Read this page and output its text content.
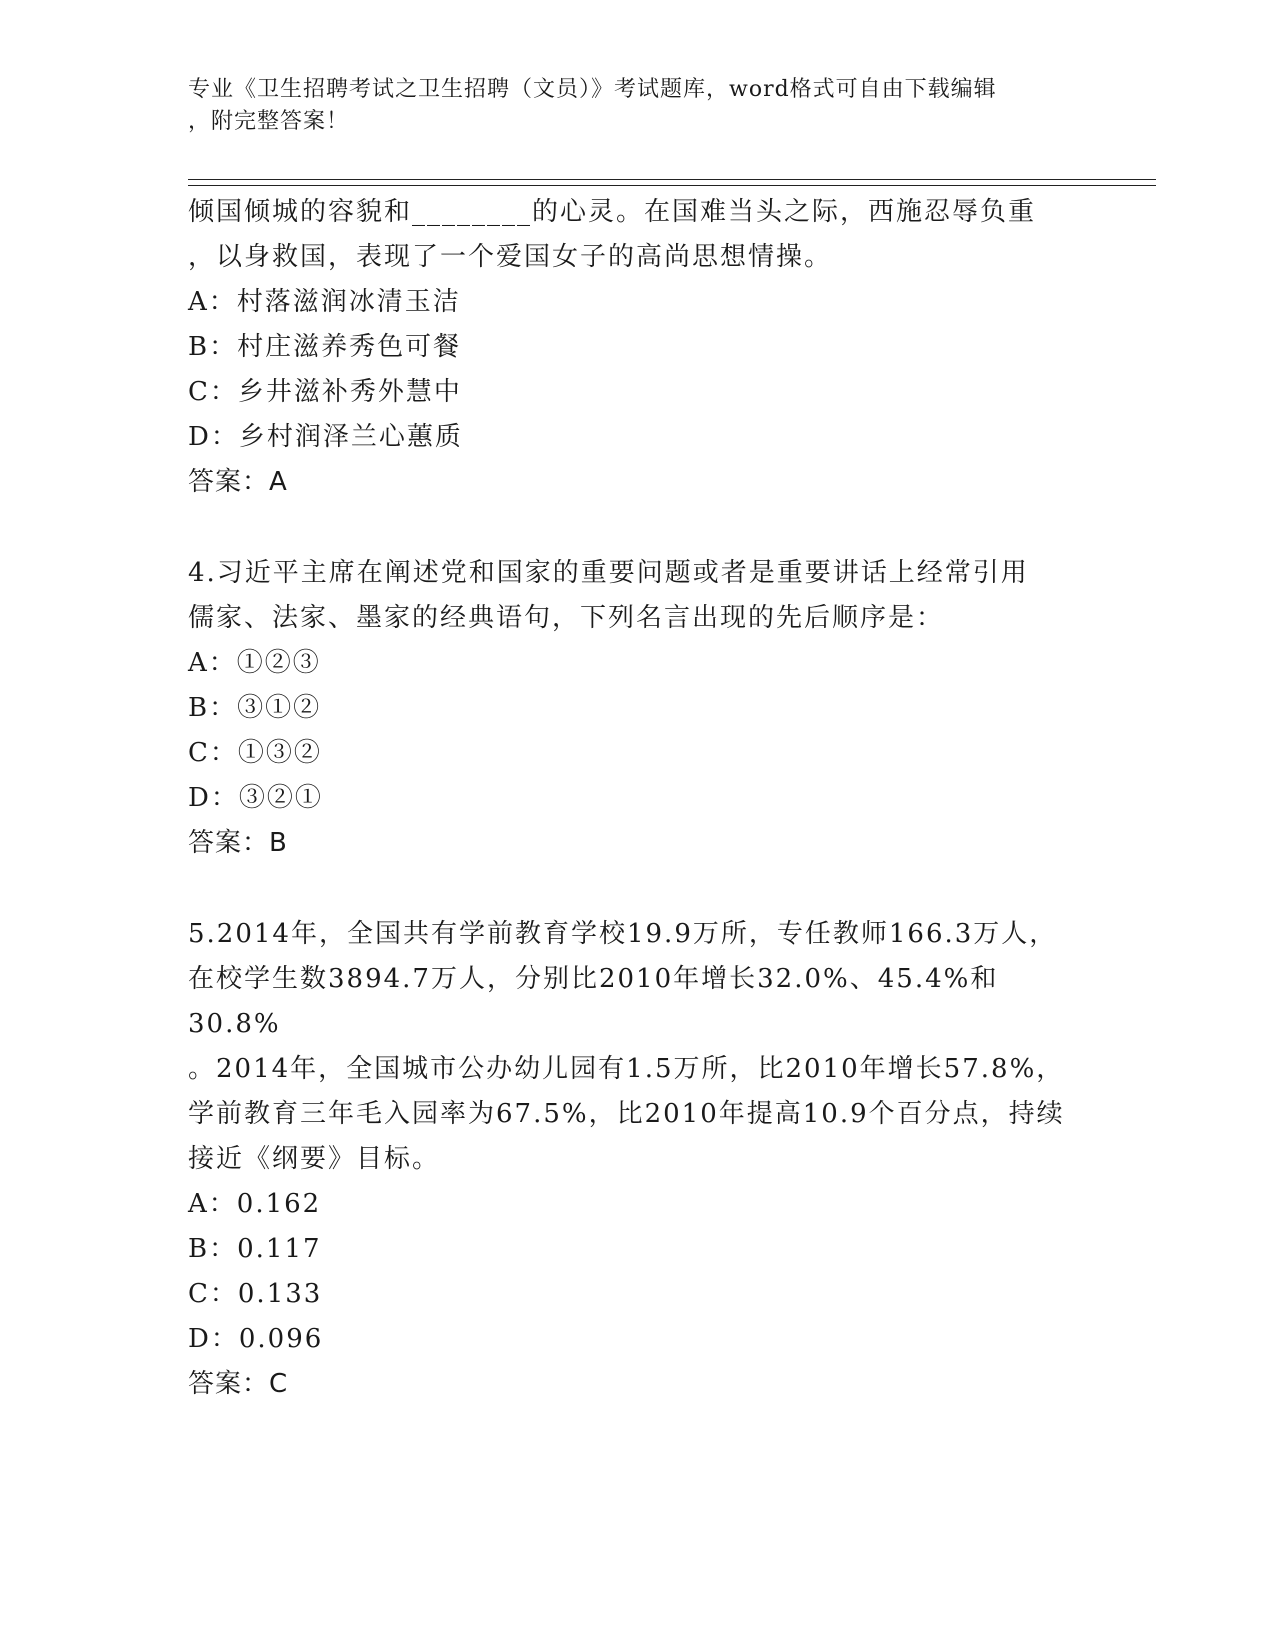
专业《卫生招聘考试之卫生招聘（文员）》考试题库，word格式可自由下载编辑
，附完整答案！
倾国倾城的容貌和________的心灵。在国难当头之际，西施忍辱负重
，以身救国，表现了一个爱国女子的高尚思想情操。
A：村落滋润冰清玉洁
B：村庄滋养秀色可餐
C：乡井滋补秀外慧中
D：乡村润泽兰心蕙质
答案：A
4.习近平主席在阐述党和国家的重要问题或者是重要讲话上经常引用
儒家、法家、墨家的经典语句，下列名言出现的先后顺序是：
A：①②③
B：③①②
C：①③②
D：③②①
答案：B
5.2014年，全国共有学前教育学校19.9万所，专任教师166.3万人，
在校学生数3894.7万人，分别比2010年增长32.0%、45.4%和30.8%
。2014年，全国城市公办幼儿园有1.5万所，比2010年增长57.8%，
学前教育三年毛入园率为67.5%，比2010年提高10.9个百分点，持续
接近《纲要》目标。
A：0.162
B：0.117
C：0.133
D：0.096
答案：C
